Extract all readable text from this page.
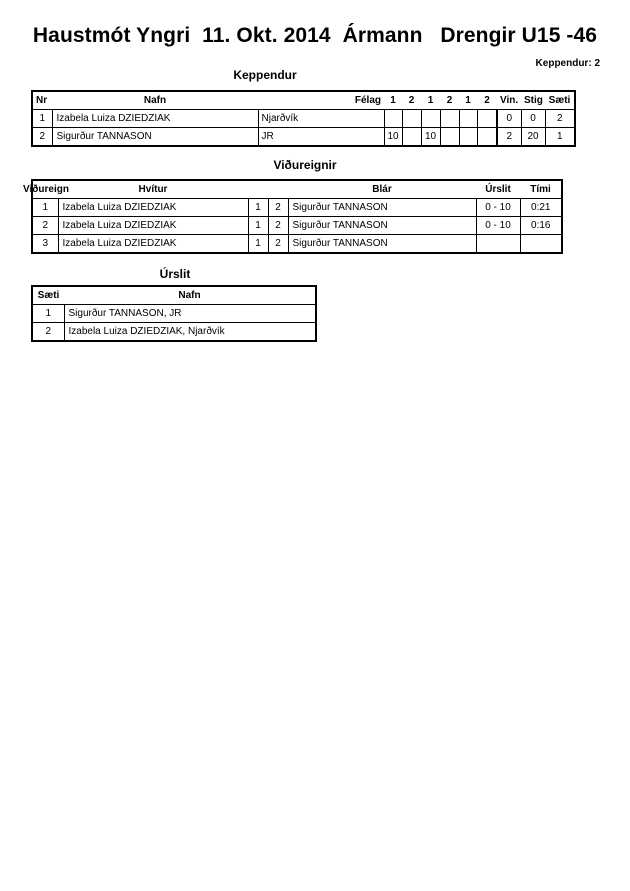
Haustmót Yngri  11. Okt. 2014  Ármann   Drengir U15 -46
Keppendur: 2
Keppendur
Nr	Nafn	Félag	1	2	1	2	1	2	Vin.	Stig	Sæti
1	Izabela Luiza DZIEDZIAK	Njarðvík							0	0	2
2	Sigurður TANNASON	JR	10		10				2	20	1
Viðureignir
Viðureign	Hvítur			Blár	Úrslit	Tími
1	Izabela Luiza DZIEDZIAK	1	2	Sigurður TANNASON	0 - 10	0:21
2	Izabela Luiza DZIEDZIAK	1	2	Sigurður TANNASON	0 - 10	0:16
3	Izabela Luiza DZIEDZIAK	1	2	Sigurður TANNASON		
Úrslit
Sæti	Nafn
1	Sigurður TANNASON, JR
2	Izabela Luiza DZIEDZIAK, Njarðvík
